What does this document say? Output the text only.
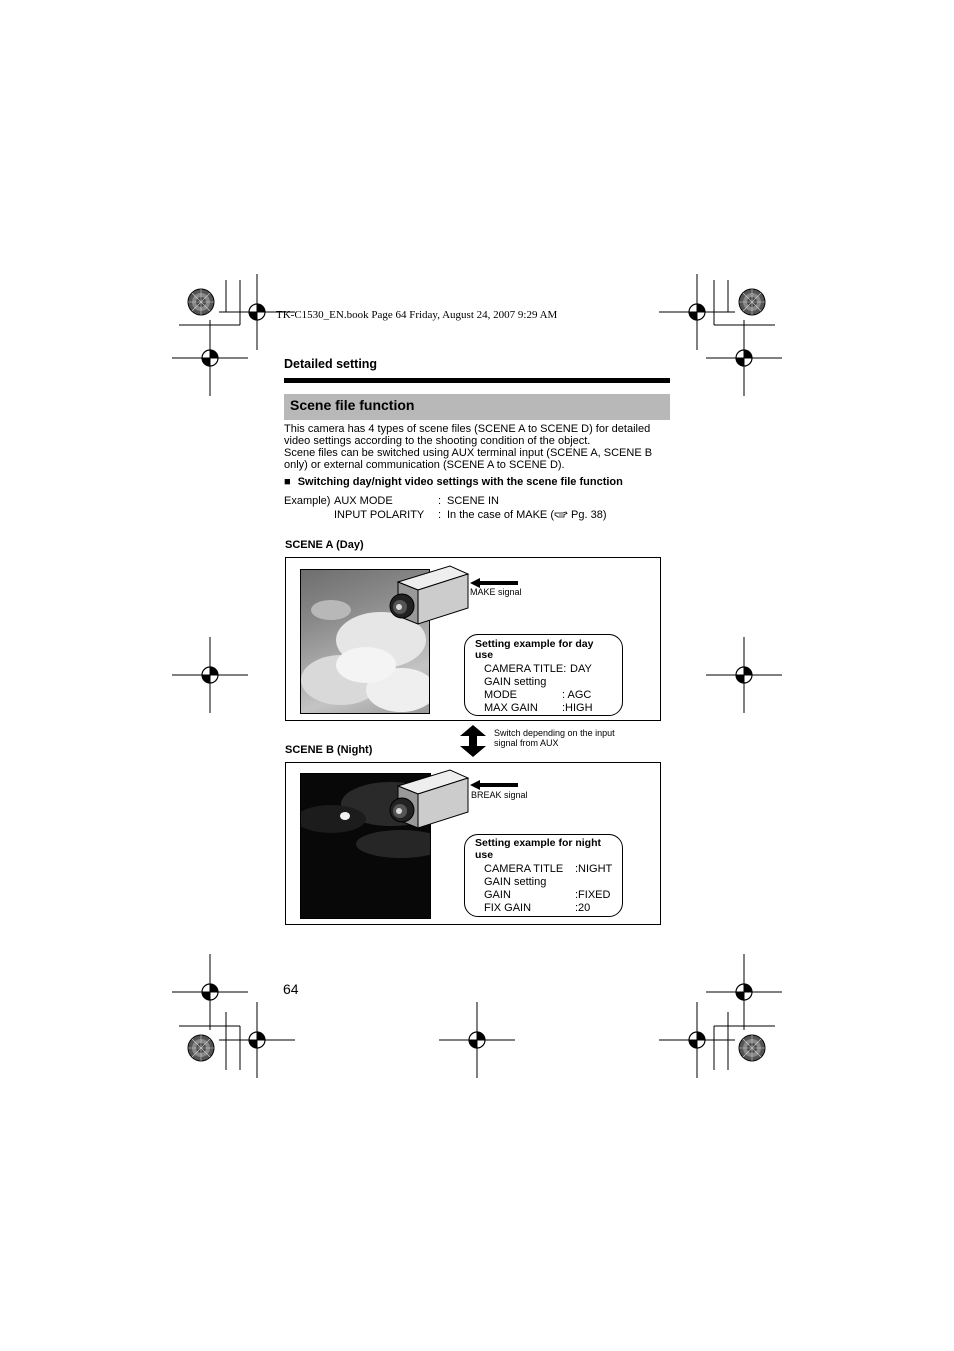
TK-C1530_EN.book Page 64 Friday, August 24, 2007 9:29 AM
Detailed setting
Scene file function
This camera has 4 types of scene files (SCENE A to SCENE D) for detailed
video settings according to the shooting condition of the object.
Scene files can be switched using AUX terminal input (SCENE A, SCENE B
only) or external communication (SCENE A to SCENE D).
■ Switching day/night video settings with the scene file function
Example) AUX MODE	: SCENE IN
INPUT POLARITY : In the case of MAKE ( Pg. 38)
SCENE A (Day)
MAKE signal
Setting example for day
use
CAMERA TITLE: DAY
GAIN setting
MODE	: AGC
MAX GAIN :HIGH
Switch depending on the input
signal from AUX
SCENE B (Night)
BREAK signal
Setting example for night
use
CAMERA TITLE :NIGHT
GAIN setting
GAIN	:FIXED
FIX GAIN	:20
64
